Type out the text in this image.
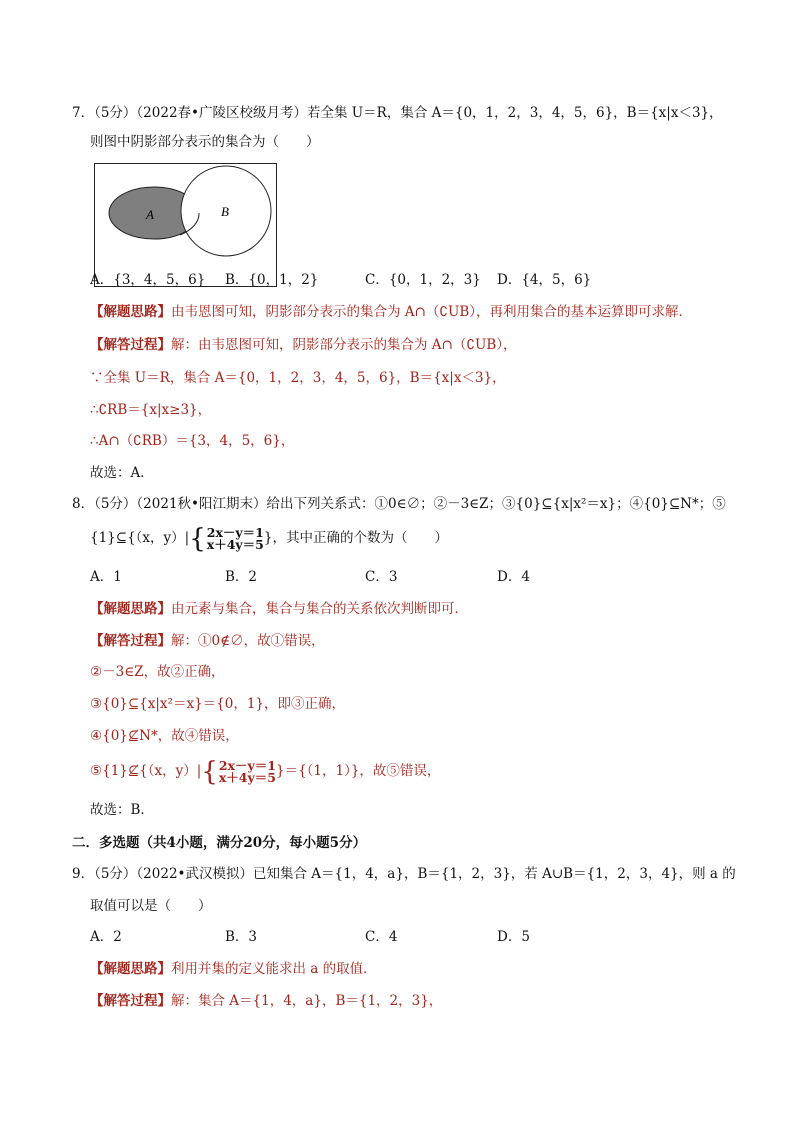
7．（5分）（2022春•广陵区校级月考）若全集 U＝R，集合 A＝{0，1，2，3，4，5，6}，B＝{x|x＜3}，
则图中阴影部分表示的集合为（　　）
A	B
A．{3，4，5，6} B．{0，1，2}	C．{0，1，2，3} D．{4，5，6}
【解题思路】由韦恩图可知，阴影部分表示的集合为 A∩（∁UB），再利用集合的基本运算即可求解．
【解答过程】解：由韦恩图可知，阴影部分表示的集合为 A∩（∁UB），
∵全集 U＝R，集合 A＝{0，1，2，3，4，5，6}，B＝{x|x＜3}，
∴∁RB＝{x|x≥3}，
∴A∩（∁RB）＝{3，4，5，6}，
故选：A．
8．（5分）（2021秋•阳江期末）给出下列关系式：①0∈∅；②－3∈Z；③{0}⊆{x|x²＝x}；④{0}⊆N*；⑤
{1}⊆{（x，y）|{ 2x－y＝1
x＋4y＝5 }，其中正确的个数为（　　）
A．1	B．2	C．3	D．4
【解题思路】由元素与集合，集合与集合的关系依次判断即可．
【解答过程】解：①0∉∅，故①错误，
②－3∈Z，故②正确，
③{0}⊆{x|x²＝x}＝{0，1}，即③正确，
④{0}⊈N*，故④错误，
⑤{1}⊈{（x，y）|{ 2x－y＝1
x＋4y＝5 }＝{（1，1）}，故⑤错误，
故选：B．
二．多选题（共4小题，满分20分，每小题5分）
9．（5分）（2022•武汉模拟）已知集合 A＝{1，4，a}，B＝{1，2，3}，若 A∪B＝{1，2，3，4}，则 a 的
取值可以是（　　）
A．2	B．3	C．4	D．5
【解题思路】利用并集的定义能求出 a 的取值．
【解答过程】解：集合 A＝{1，4，a}，B＝{1，2，3}，
